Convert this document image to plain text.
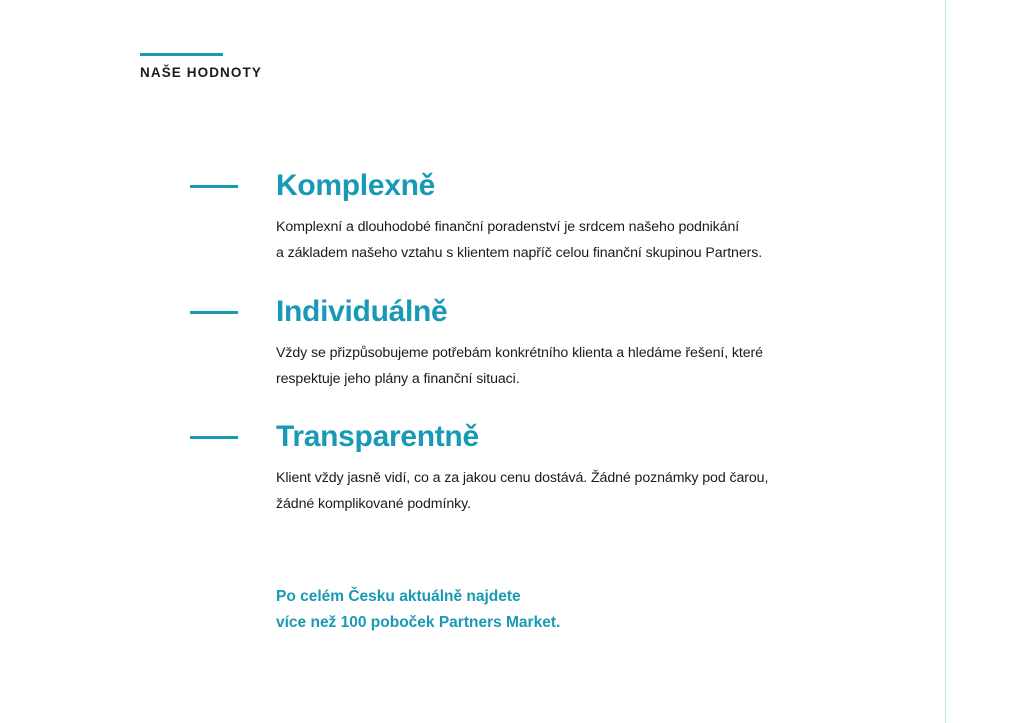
NAŠE HODNOTY
Komplexně

Komplexní a dlouhodobé finanční poradenství je srdcem našeho podnikání
a základem našeho vztahu s klientem napříč celou finanční skupinou Partners.

Individuálně

Vždy se přizpůsobujeme potřebám konkrétního klienta a hledáme řešení, které
respektuje jeho plány a finanční situaci.

Transparentně

Klient vždy jasně vidí, co a za jakou cenu dostává. Žádné poznámky pod čarou,
žádné komplikované podmínky.

Po celém Česku aktuálně najdete
více než 100 poboček Partners Market.
